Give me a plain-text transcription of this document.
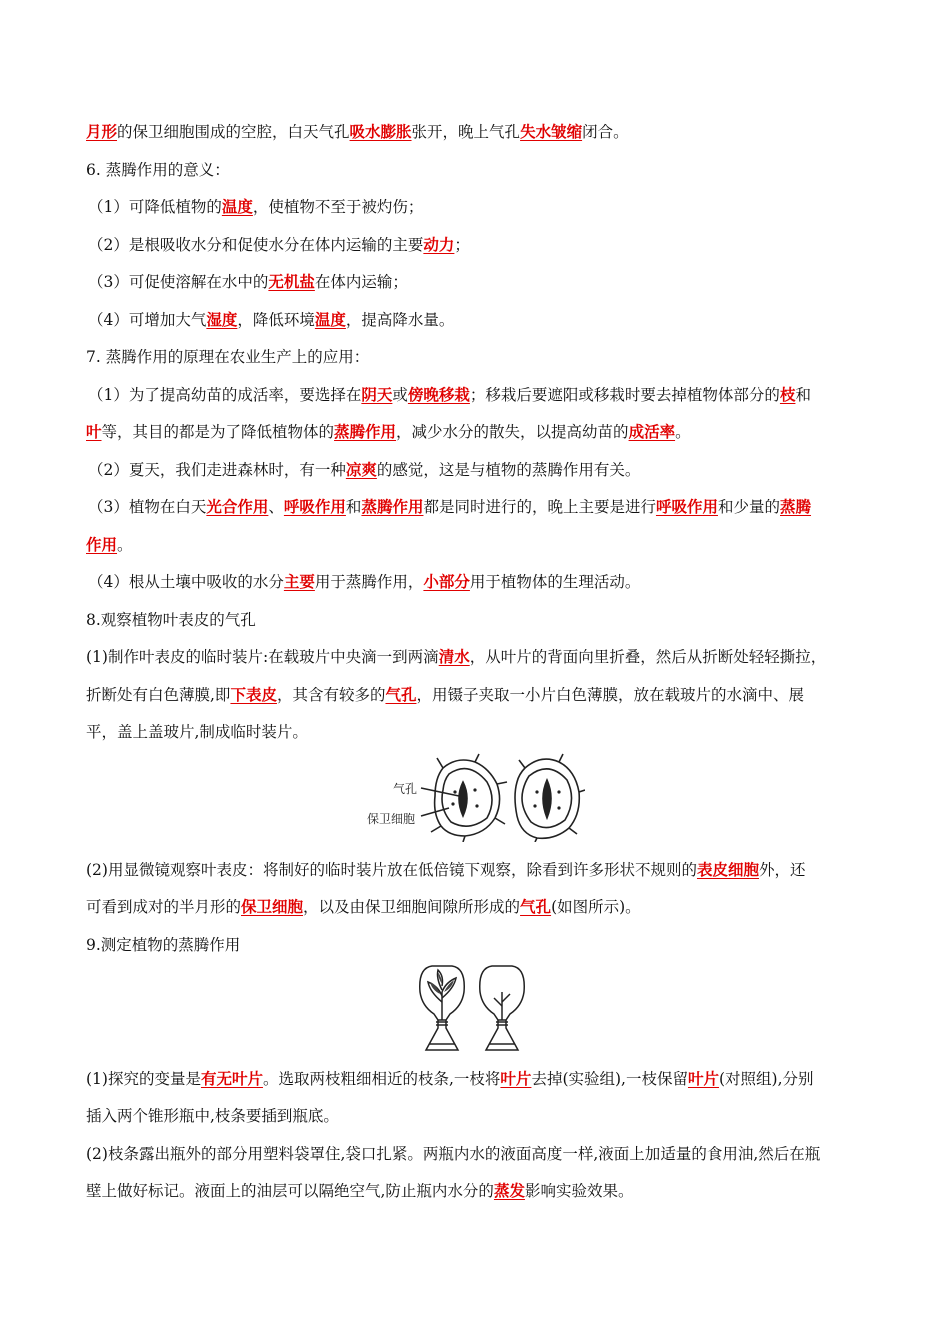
月形的保卫细胞围成的空腔，白天气孔吸水膨胀张开，晚上气孔失水皱缩闭合。
6. 蒸腾作用的意义：
（1）可降低植物的温度，使植物不至于被灼伤；
（2）是根吸收水分和促使水分在体内运输的主要动力；
（3）可促使溶解在水中的无机盐在体内运输；
（4）可增加大气湿度，降低环境温度，提高降水量。
7. 蒸腾作用的原理在农业生产上的应用：
（1）为了提高幼苗的成活率，要选择在阴天或傍晚移栽；移栽后要遮阳或移栽时要去掉植物体部分的枝和
叶等，其目的都是为了降低植物体的蒸腾作用，减少水分的散失，以提高幼苗的成活率。
（2）夏天，我们走进森林时，有一种凉爽的感觉，这是与植物的蒸腾作用有关。
（3）植物在白天光合作用、呼吸作用和蒸腾作用都是同时进行的，晚上主要是进行呼吸作用和少量的蒸腾
作用。
（4）根从土壤中吸收的水分主要用于蒸腾作用，小部分用于植物体的生理活动。
8.观察植物叶表皮的气孔
(1)制作叶表皮的临时装片:在载玻片中央滴一到两滴清水，从叶片的背面向里折叠，然后从折断处轻轻撕拉，
折断处有白色薄膜,即下表皮，其含有较多的气孔，用镊子夹取一小片白色薄膜，放在载玻片的水滴中、展
平，盖上盖玻片,制成临时装片。
气孔
保卫细胞
(2)用显微镜观察叶表皮：将制好的临时装片放在低倍镜下观察，除看到许多形状不规则的表皮细胞外，还
可看到成对的半月形的保卫细胞，以及由保卫细胞间隙所形成的气孔(如图所示)。
9.测定植物的蒸腾作用
(1)探究的变量是有无叶片。选取两枝粗细相近的枝条,一枝将叶片去掉(实验组),一枝保留叶片(对照组),分别
插入两个锥形瓶中,枝条要插到瓶底。
(2)枝条露出瓶外的部分用塑料袋罩住,袋口扎紧。两瓶内水的液面高度一样,液面上加适量的食用油,然后在瓶
壁上做好标记。液面上的油层可以隔绝空气,防止瓶内水分的蒸发影响实验效果。
